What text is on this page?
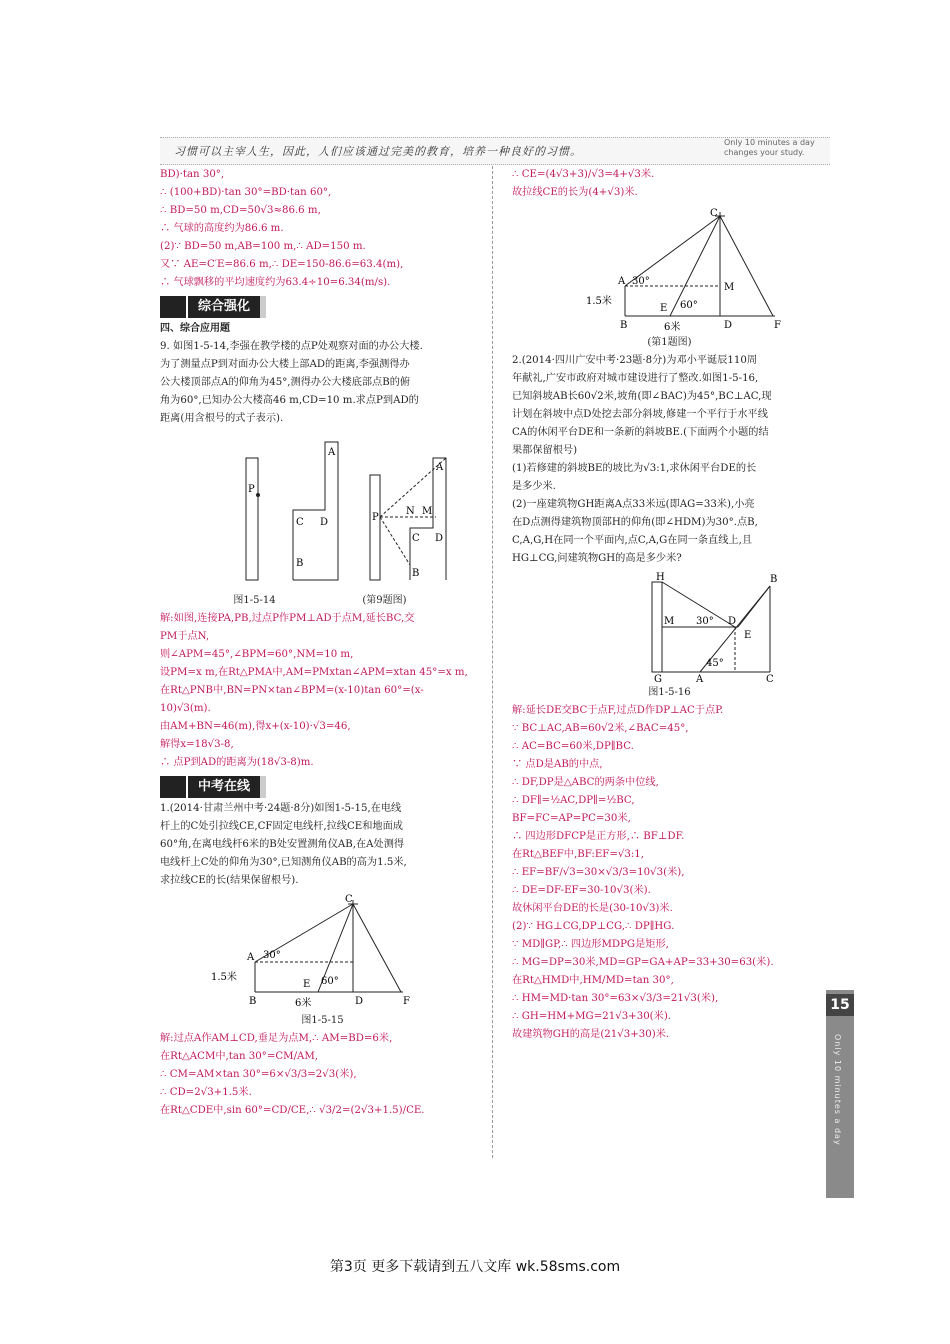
习惯可以主宰人生，因此，人们应该通过完美的教育，培养一种良好的习惯。
Only 10 minutes a day changes your study.

BD)·tan 30°,

∴ (100+BD)·tan 30°=BD·tan 60°,

∴ BD=50 m,CD=50√3≈86.6 m,

∴ 气球的高度约为86.6 m.

(2)∵ BD=50 m,AB=100 m,∴ AD=150 m.

又∵ AE=C′E=86.6 m,∴ DE=150-86.6=63.4(m),

∴ 气球飘移的平均速度约为63.4÷10=6.34(m/s).

综合强化

四、综合应用题

9. 如图1-5-14,李强在教学楼的点P处观察对面的办公大楼.

为了测量点P到对面办公大楼上部AD的距离,李强测得办

公大楼顶部点A的仰角为45°,测得办公大楼底部点B的俯

角为60°,已知办公大楼高46 m,CD=10 m.求点P到AD的

距离(用含根号的式子表示).

P
A
C D
B
P
N M
A
C D
B
图1-5-14	(第9题图)

解:如图,连接PA,PB,过点P作PM⊥AD于点M,延长BC,交

PM于点N,

则∠APM=45°,∠BPM=60°,NM=10 m,

设PM=x m,在Rt△PMA中,AM=PMxtan∠APM=xtan 45°=x m,

在Rt△PNB中,BN=PN×tan∠BPM=(x-10)tan 60°=(x-

10)√3(m).

由AM+BN=46(m),得x+(x-10)·√3=46,

解得x=18√3-8,

∴ 点P到AD的距离为(18√3-8)m.

中考在线

1.(2014·甘肃兰州中考·24题·8分)如图1-5-15,在电线

杆上的C处引拉线CE,CF固定电线杆,拉线CE和地面成

60°角,在离电线杆6米的B处安置测角仪AB,在A处测得

电线杆上C处的仰角为30°,已知测角仪AB的高为1.5米,

求拉线CE的长(结果保留根号).

C
A 30°
1.5米
B
E 60°
D	F
6米

图1-5-15

解:过点A作AM⊥CD,垂足为点M,∴ AM=BD=6米,

在Rt△ACM中,tan 30°=CM/AM,

∴ CM=AM×tan 30°=6×√3/3=2√3(米),

∴ CD=2√3+1.5米.

在Rt△CDE中,sin 60°=CD/CE,∴ √3/2=(2√3+1.5)/CE.

∴ CE=(4√3+3)/√3=4+√3米.

故拉线CE的长为(4+√3)米.

C
A 30°
M
1.5米
B
E 60°
D	F
6米

(第1题图)

2.(2014·四川广安中考·23题·8分)为邓小平诞辰110周

年献礼,广安市政府对城市建设进行了整改.如图1-5-16,

已知斜坡AB长60√2米,坡角(即∠BAC)为45°,BC⊥AC,现

计划在斜坡中点D处挖去部分斜坡,修建一个平行于水平线

CA的休闲平台DE和一条新的斜坡BE.(下面两个小题的结

果都保留根号)

(1)若修建的斜坡BE的坡比为√3:1,求休闲平台DE的长

是多少米.

(2)一座建筑物GH距离A点33米远(即AG=33米),小亮

在D点测得建筑物顶部H的仰角(即∠HDM)为30°.点B,

C,A,G,H在同一个平面内,点C,A,G在同一条直线上,且

HG⊥CG,问建筑物GH的高是多少米?

H	B
M 30° D
E
45°
G	A	C

图1-5-16

解:延长DE交BC于点F,过点D作DP⊥AC于点P.

∵ BC⊥AC,AB=60√2米,∠BAC=45°,

∴ AC=BC=60米,DP∥BC.

∵ 点D是AB的中点,

∴ DF,DP是△ABC的两条中位线,

∴ DF∥=½AC,DP∥=½BC,

BF=FC=AP=PC=30米,

∴ 四边形DFCP是正方形,∴ BF⊥DF.

在Rt△BEF中,BF:EF=√3:1,

∴ EF=BF/√3=30×√3/3=10√3(米),

∴ DE=DF-EF=30-10√3(米).

故休闲平台DE的长是(30-10√3)米.

(2)∵ HG⊥CG,DP⊥CG,∴ DP∥HG.

∵ MD∥GP,∴ 四边形MDPG是矩形,

∴ MG=DP=30米,MD=GP=GA+AP=33+30=63(米).

在Rt△HMD中,HM/MD=tan 30°,

∴ HM=MD·tan 30°=63×√3/3=21√3(米),

∴ GH=HM+MG=21√3+30(米).

故建筑物GH的高是(21√3+30)米.

15
Only 10 minutes a day
第3页 更多下载请到五八文库 wk.58sms.com
